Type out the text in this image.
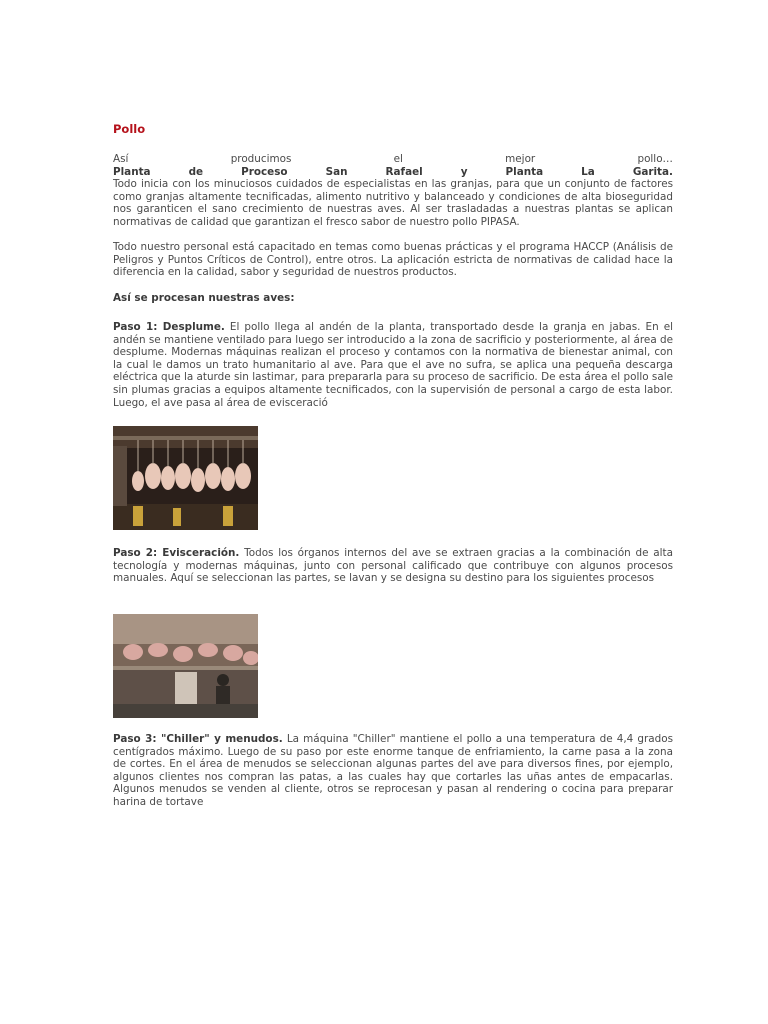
Pollo
Así	producimos	el	mejor	pollo…
Planta	de	Proceso	San	Rafael	y	Planta	La	Garita.

Todo inicia con los minuciosos cuidados de especialistas en las granjas, para que un conjunto de factores como granjas altamente tecnificadas, alimento nutritivo y balanceado y condiciones de alta bioseguridad nos garanticen el sano crecimiento de nuestras aves. Al ser trasladadas a nuestras plantas se aplican normativas de calidad que garantizan el fresco sabor de nuestro pollo PIPASA.

Todo nuestro personal está capacitado en temas como buenas prácticas y el programa HACCP (Análisis de Peligros y Puntos Críticos de Control), entre otros. La aplicación estricta de normativas de calidad hace la diferencia en la calidad, sabor y seguridad de nuestros productos.

Así se procesan nuestras aves:

Paso 1: Desplume. El pollo llega al andén de la planta, transportado desde la granja en jabas. En el andén se mantiene ventilado para luego ser introducido a la zona de sacrificio y posteriormente, al área de desplume. Modernas máquinas realizan el proceso y contamos con la normativa de bienestar animal, con la cual le damos un trato humanitario al ave. Para que el ave no sufra, se aplica una pequeña descarga eléctrica que la aturde sin lastimar, para prepararla para su proceso de sacrificio. De esta área el pollo sale sin plumas gracias a equipos altamente tecnificados, con la supervisión de personal a cargo de esta labor. Luego, el ave pasa al área de evisceració

Paso 2: Evisceración. Todos los órganos internos del ave se extraen gracias a la combinación de alta tecnología y modernas máquinas, junto con personal calificado que contribuye con algunos procesos manuales. Aquí se seleccionan las partes, se lavan y se designa su destino para los siguientes procesos

Paso 3: "Chiller" y menudos. La máquina "Chiller" mantiene el pollo a una temperatura de 4,4 grados centígrados máximo. Luego de su paso por este enorme tanque de enfriamiento, la carne pasa a la zona de cortes. En el área de menudos se seleccionan algunas partes del ave para diversos fines, por ejemplo, algunos clientes nos compran las patas, a las cuales hay que cortarles las uñas antes de empacarlas. Algunos menudos se venden al cliente, otros se reprocesan y pasan al rendering o cocina para preparar harina de tortave
